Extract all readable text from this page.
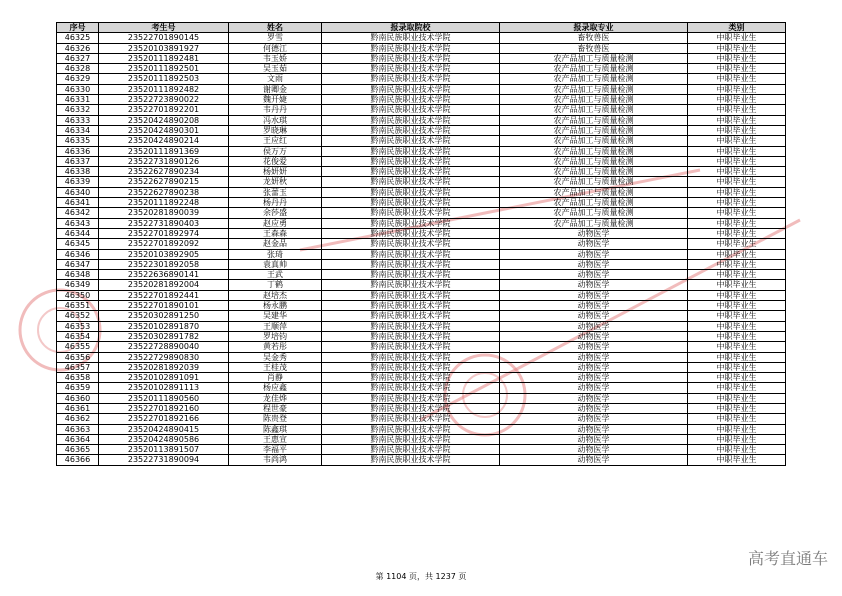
序号	考生号	姓名	报录取院校	报录取专业	类别
46325	23522701890145	罗雪	黔南民族职业技术学院	畜牧兽医	中职毕业生
46326	23520103891927	何德江	黔南民族职业技术学院	畜牧兽医	中职毕业生
46327	23520111892481	韦玉娇	黔南民族职业技术学院	农产品加工与质量检测	中职毕业生
46328	23520111892501	吴玉茹	黔南民族职业技术学院	农产品加工与质量检测	中职毕业生
46329	23520111892503	文雨	黔南民族职业技术学院	农产品加工与质量检测	中职毕业生
46330	23520111892482	谢卿金	黔南民族职业技术学院	农产品加工与质量检测	中职毕业生
46331	23522723890022	魏开婕	黔南民族职业技术学院	农产品加工与质量检测	中职毕业生
46332	23522701892201	韦丹丹	黔南民族职业技术学院	农产品加工与质量检测	中职毕业生
46333	23520424890208	冯水琪	黔南民族职业技术学院	农产品加工与质量检测	中职毕业生
46334	23520424890301	罗晓琳	黔南民族职业技术学院	农产品加工与质量检测	中职毕业生
46335	23520424890214	王应红	黔南民族职业技术学院	农产品加工与质量检测	中职毕业生
46336	23520111891369	侯万万	黔南民族职业技术学院	农产品加工与质量检测	中职毕业生
46337	23522731890126	花俊爱	黔南民族职业技术学院	农产品加工与质量检测	中职毕业生
46338	23522627890234	杨妍妍	黔南民族职业技术学院	农产品加工与质量检测	中职毕业生
46339	23522627890215	龙妍秋	黔南民族职业技术学院	农产品加工与质量检测	中职毕业生
46340	23522627890238	张蕾玉	黔南民族职业技术学院	农产品加工与质量检测	中职毕业生
46341	23520111892248	杨丹丹	黔南民族职业技术学院	农产品加工与质量检测	中职毕业生
46342	23520281890039	余莎盛	黔南民族职业技术学院	农产品加工与质量检测	中职毕业生
46343	23522731890403	赵应勇	黔南民族职业技术学院	农产品加工与质量检测	中职毕业生
46344	23522701892974	王森森	黔南民族职业技术学院	动物医学	中职毕业生
46345	23522701892092	赵金品	黔南民族职业技术学院	动物医学	中职毕业生
46346	23520103892905	张琦	黔南民族职业技术学院	动物医学	中职毕业生
46347	23522301892058	袁真帅	黔南民族职业技术学院	动物医学	中职毕业生
46348	23522636890141	王武	黔南民族职业技术学院	动物医学	中职毕业生
46349	23520281892004	丁鹤	黔南民族职业技术学院	动物医学	中职毕业生
46350	23522701892441	赵培杰	黔南民族职业技术学院	动物医学	中职毕业生
46351	23522701890101	杨永鹏	黔南民族职业技术学院	动物医学	中职毕业生
46352	23520302891250	吴建华	黔南民族职业技术学院	动物医学	中职毕业生
46353	23520102891870	王顺萍	黔南民族职业技术学院	动物医学	中职毕业生
46354	23520302891782	罗培钧	黔南民族职业技术学院	动物医学	中职毕业生
46355	23522728890040	黄若彤	黔南民族职业技术学院	动物医学	中职毕业生
46356	23522729890830	吴金秀	黔南民族职业技术学院	动物医学	中职毕业生
46357	23520281892039	王桂茂	黔南民族职业技术学院	动物医学	中职毕业生
46358	23520102891091	肖静	黔南民族职业技术学院	动物医学	中职毕业生
46359	23520102891113	杨应鑫	黔南民族职业技术学院	动物医学	中职毕业生
46360	23520111890560	龙佳烨	黔南民族职业技术学院	动物医学	中职毕业生
46361	23522701892160	程世豪	黔南民族职业技术学院	动物医学	中职毕业生
46362	23522701892166	陈贵登	黔南民族职业技术学院	动物医学	中职毕业生
46363	23520424890415	陈鑫琪	黔南民族职业技术学院	动物医学	中职毕业生
46364	23520424890586	王惠宣	黔南民族职业技术学院	动物医学	中职毕业生
46365	23520113891507	李福平	黔南民族职业技术学院	动物医学	中职毕业生
46366	23522731890094	韦尚鸿	黔南民族职业技术学院	动物医学	中职毕业生
第 1104 页，共 1237 页
高考直通车
